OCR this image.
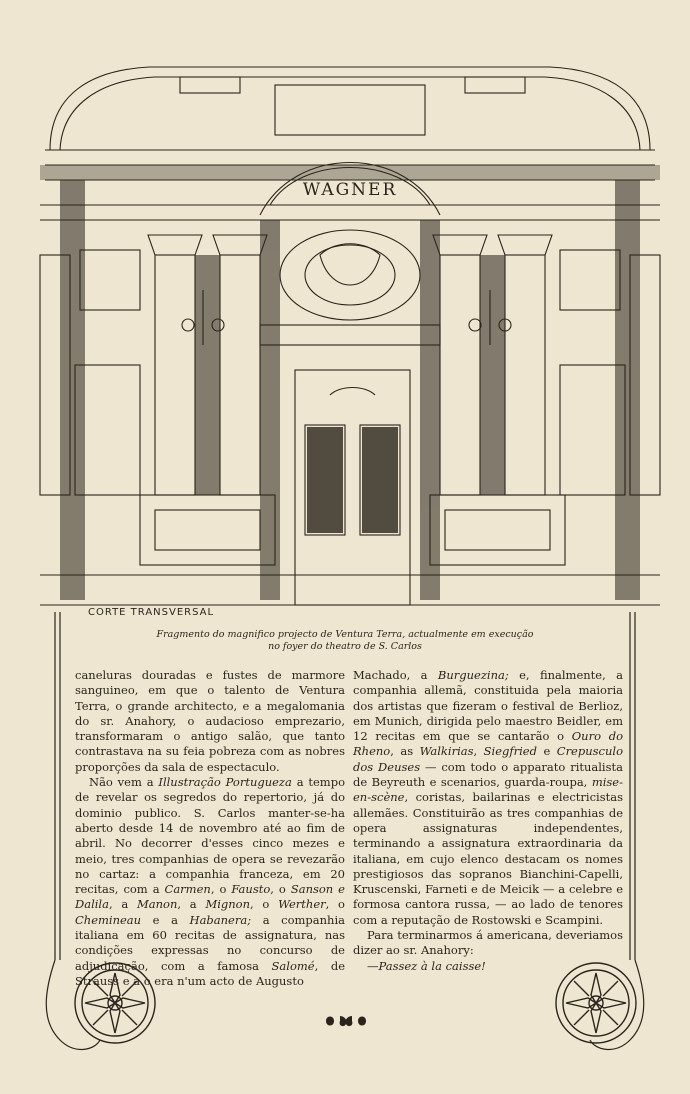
WAGNER
CORTE TRANSVERSAL
Fragmento do magnifico projecto de Ventura Terra, actualmente em execução
no foyer do theatro de S. Carlos

caneluras douradas e fustes de marmore sanguineo, em que o talento de Ventura Terra, o grande architecto, e a megalomania do sr. Anahory, o audacioso emprezario, transformaram o antigo salão, que tanto contrastava na su feia pobreza com as nobres proporções da sala de espectaculo.

Não vem a Illustração Portugueza a tempo de revelar os segredos do repertorio, já do dominio publico. S. Carlos manter-se-ha aberto desde 14 de novembro até ao fim de abril. No decorrer d'esses cinco mezes e meio, tres companhias de opera se revezarão no cartaz: a companhia franceza, em 20 recitas, com a Carmen, o Fausto, o Sanson e Dalila, a Manon, a Mignon, o Werther, o Chemineau e a Habanera; a companhia italiana em 60 recitas de assignatura, nas condições expressas no concurso de adjudicação, com a famosa Salomé, de Strauss e a o era n'um acto de Augusto

Machado, a Burguezina; e, finalmente, a companhia allemã, constituida pela maioria dos artistas que fizeram o festival de Berlioz, em Munich, dirigida pelo maestro Beidler, em 12 recitas em que se cantarão o Ouro do Rheno, as Walkirias, Siegfried e Crepusculo dos Deuses — com todo o apparato ritualista de Beyreuth e scenarios, guarda-roupa, mise-en-scène, coristas, bailarinas e electricistas allemães. Constituirão as tres companhias de opera assignaturas independentes, terminando a assignatura extraordinaria da italiana, em cujo elenco destacam os nomes prestigiosos das sopranos Bianchini-Capelli, Kruscenski, Farneti e de Meicik — a celebre e formosa cantora russa, — ao lado de tenores com a reputação de Rostowski e Scampini.

Para terminarmos á americana, deveriamos dizer ao sr. Anahory:

—Passez à la caisse!
